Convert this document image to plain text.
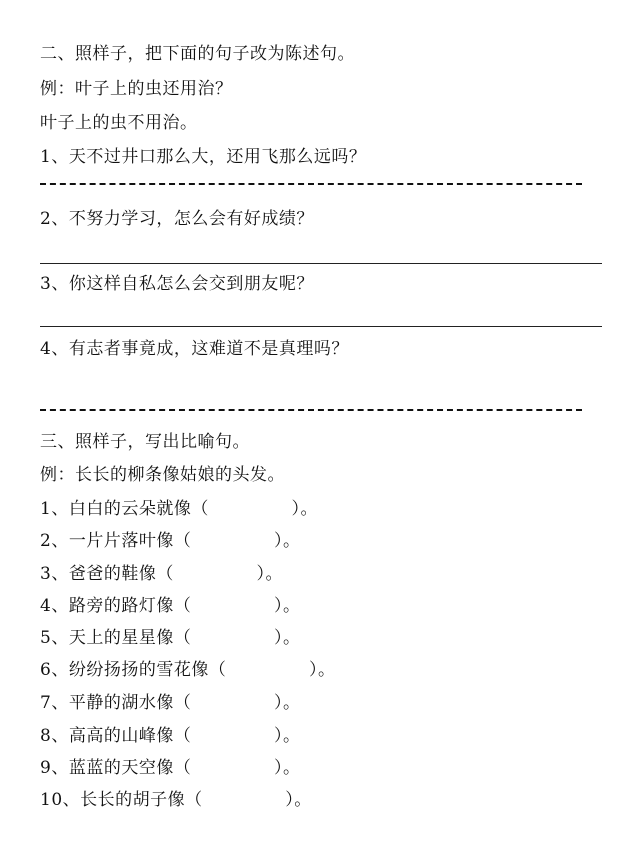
二、照样子，把下面的句子改为陈述句。
例：叶子上的虫还用治？
叶子上的虫不用治。
1、天不过井口那么大，还用飞那么远吗？
2、不努力学习，怎么会有好成绩？
3、你这样自私怎么会交到朋友呢？
4、有志者事竟成，这难道不是真理吗？
三、照样子，写出比喻句。
例：长长的柳条像姑娘的头发。
1、白白的云朵就像（              ）。
2、一片片落叶像（              ）。
3、爸爸的鞋像（              ）。
4、路旁的路灯像（              ）。
5、天上的星星像（              ）。
6、纷纷扬扬的雪花像（              ）。
7、平静的湖水像（              ）。
8、高高的山峰像（              ）。
9、蓝蓝的天空像（              ）。
10、长长的胡子像（              ）。
